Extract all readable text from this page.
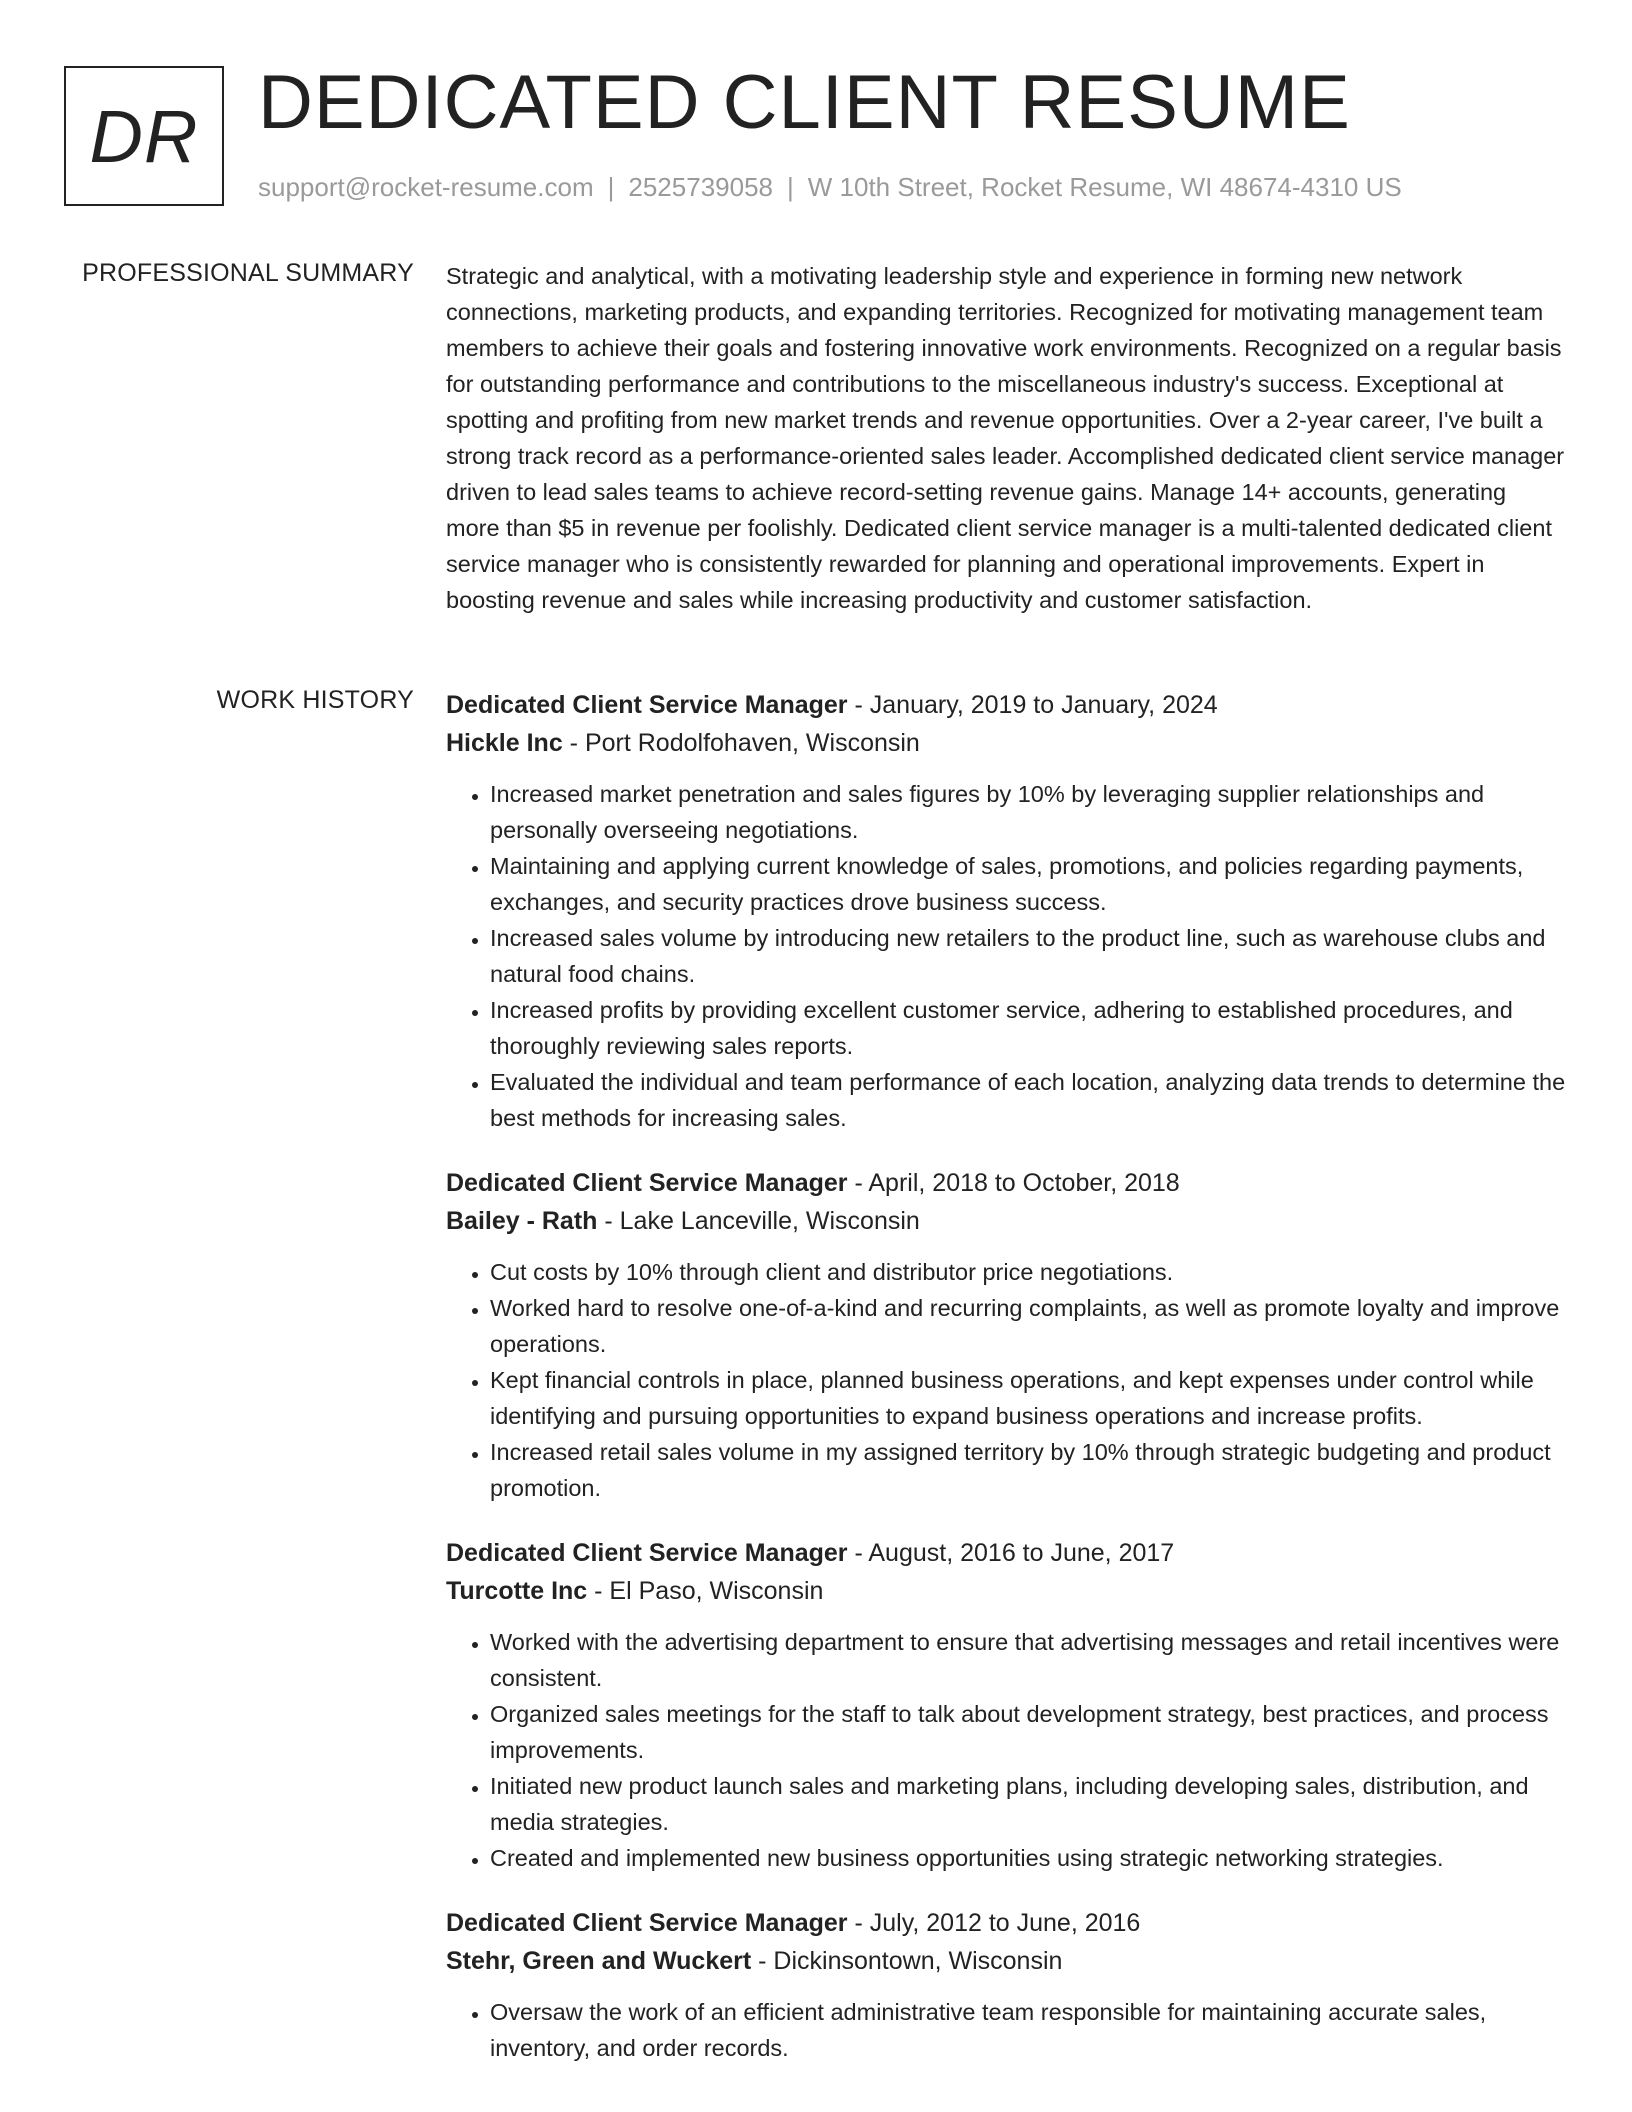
DR DEDICATED CLIENT RESUME
support@rocket-resume.com | 2525739058 | W 10th Street, Rocket Resume, WI 48674-4310 US
PROFESSIONAL SUMMARY Strategic and analytical, with a motivating leadership style and experience in forming new network connections, marketing products, and expanding territories. Recognized for motivating management team members to achieve their goals and fostering innovative work environments. Recognized on a regular basis for outstanding performance and contributions to the miscellaneous industry's success. Exceptional at spotting and profiting from new market trends and revenue opportunities. Over a 2-year career, I've built a strong track record as a performance-oriented sales leader. Accomplished dedicated client service manager driven to lead sales teams to achieve record-setting revenue gains. Manage 14+ accounts, generating more than $5 in revenue per foolishly. Dedicated client service manager is a multi-talented dedicated client service manager who is consistently rewarded for planning and operational improvements. Expert in boosting revenue and sales while increasing productivity and customer satisfaction.

WORK HISTORY Dedicated Client Service Manager - January, 2019 to January, 2024
Hickle Inc - Port Rodolfohaven, Wisconsin
• Increased market penetration and sales figures by 10% by leveraging supplier relationships and personally overseeing negotiations.
• Maintaining and applying current knowledge of sales, promotions, and policies regarding payments, exchanges, and security practices drove business success.
• Increased sales volume by introducing new retailers to the product line, such as warehouse clubs and natural food chains.
• Increased profits by providing excellent customer service, adhering to established procedures, and thoroughly reviewing sales reports.
• Evaluated the individual and team performance of each location, analyzing data trends to determine the best methods for increasing sales.
Dedicated Client Service Manager - April, 2018 to October, 2018
Bailey - Rath - Lake Lanceville, Wisconsin
• Cut costs by 10% through client and distributor price negotiations.
• Worked hard to resolve one-of-a-kind and recurring complaints, as well as promote loyalty and improve operations.
• Kept financial controls in place, planned business operations, and kept expenses under control while identifying and pursuing opportunities to expand business operations and increase profits.
• Increased retail sales volume in my assigned territory by 10% through strategic budgeting and product promotion.
Dedicated Client Service Manager - August, 2016 to June, 2017
Turcotte Inc - El Paso, Wisconsin
• Worked with the advertising department to ensure that advertising messages and retail incentives were consistent.
• Organized sales meetings for the staff to talk about development strategy, best practices, and process improvements.
• Initiated new product launch sales and marketing plans, including developing sales, distribution, and media strategies.
• Created and implemented new business opportunities using strategic networking strategies.
Dedicated Client Service Manager - July, 2012 to June, 2016
Stehr, Green and Wuckert - Dickinsontown, Wisconsin
• Oversaw the work of an efficient administrative team responsible for maintaining accurate sales, inventory, and order records.
